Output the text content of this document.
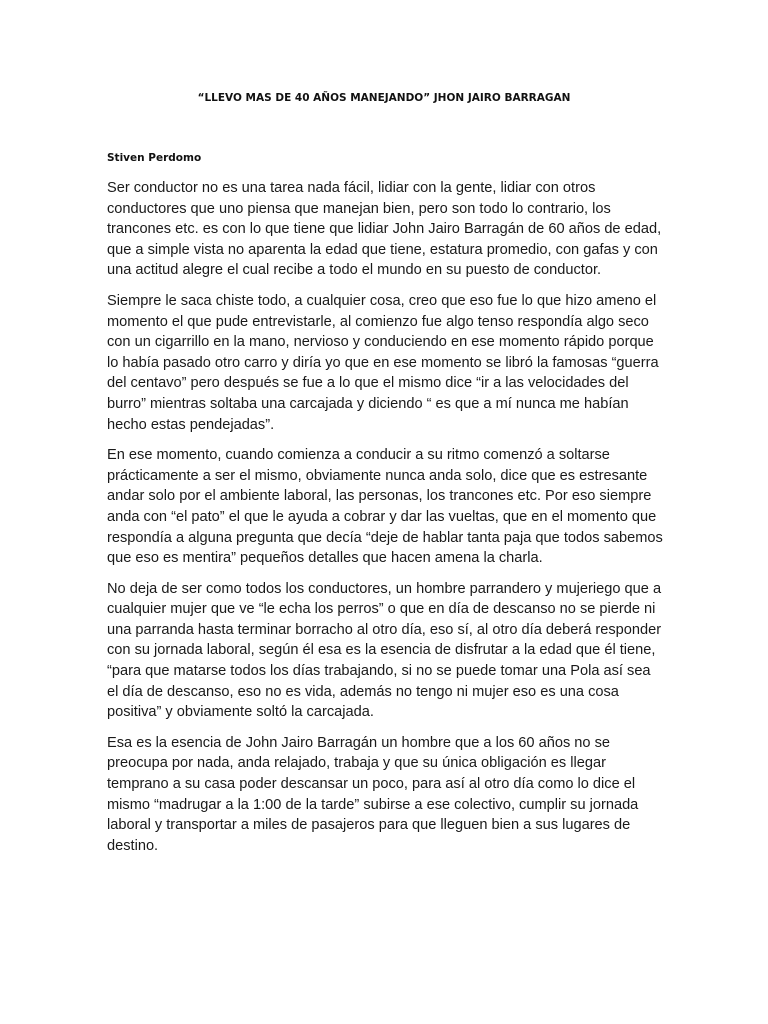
“LLEVO MAS DE 40 AÑOS MANEJANDO” JHON JAIRO BARRAGAN
Stiven Perdomo

Ser conductor no es una tarea nada fácil, lidiar con la gente, lidiar con otros conductores que uno piensa que manejan bien, pero son todo lo contrario, los trancones etc. es con lo que tiene que lidiar John Jairo Barragán de 60 años de edad, que a simple vista no aparenta la edad que tiene, estatura promedio, con gafas y con una actitud alegre el cual recibe a todo el mundo en su puesto de conductor.

Siempre le saca chiste todo, a cualquier cosa, creo que eso fue lo que hizo ameno el momento el que pude entrevistarle, al comienzo fue algo tenso respondía algo seco con un cigarrillo en la mano, nervioso y conduciendo en ese momento rápido porque lo había pasado otro carro y diría yo que en ese momento se libró la famosas “guerra del centavo” pero después se fue a lo que el mismo dice “ir a las velocidades del burro” mientras soltaba una carcajada y diciendo “ es que a mí nunca me habían hecho estas pendejadas”.

En ese momento, cuando comienza a conducir a su ritmo comenzó a soltarse prácticamente a ser el mismo, obviamente nunca anda solo, dice que es estresante andar solo por el ambiente laboral, las personas, los trancones etc. Por eso siempre anda con “el pato” el que le ayuda a cobrar y dar las vueltas, que en el momento que respondía a alguna pregunta que decía “deje de hablar tanta paja que todos sabemos que eso es mentira” pequeños detalles que hacen amena la charla.

No deja de ser como todos los conductores, un hombre parrandero y mujeriego que a cualquier mujer que ve “le echa los perros” o que en día de descanso no se pierde ni una parranda hasta terminar borracho al otro día, eso sí, al otro día deberá responder con su jornada laboral, según él esa es la esencia de disfrutar a la edad que él tiene, “para que matarse todos los días trabajando, si no se puede tomar una Pola así sea el día de descanso, eso no es vida, además no tengo ni mujer eso es una cosa positiva” y obviamente soltó la carcajada.

Esa es la esencia de John Jairo Barragán un hombre que a los 60 años no se preocupa por nada, anda relajado, trabaja y que su única obligación es llegar temprano a su casa poder descansar un poco, para así al otro día como lo dice el mismo “madrugar a la 1:00 de la tarde” subirse a ese colectivo, cumplir su jornada laboral y transportar a miles de pasajeros para que lleguen bien a sus lugares de destino.
